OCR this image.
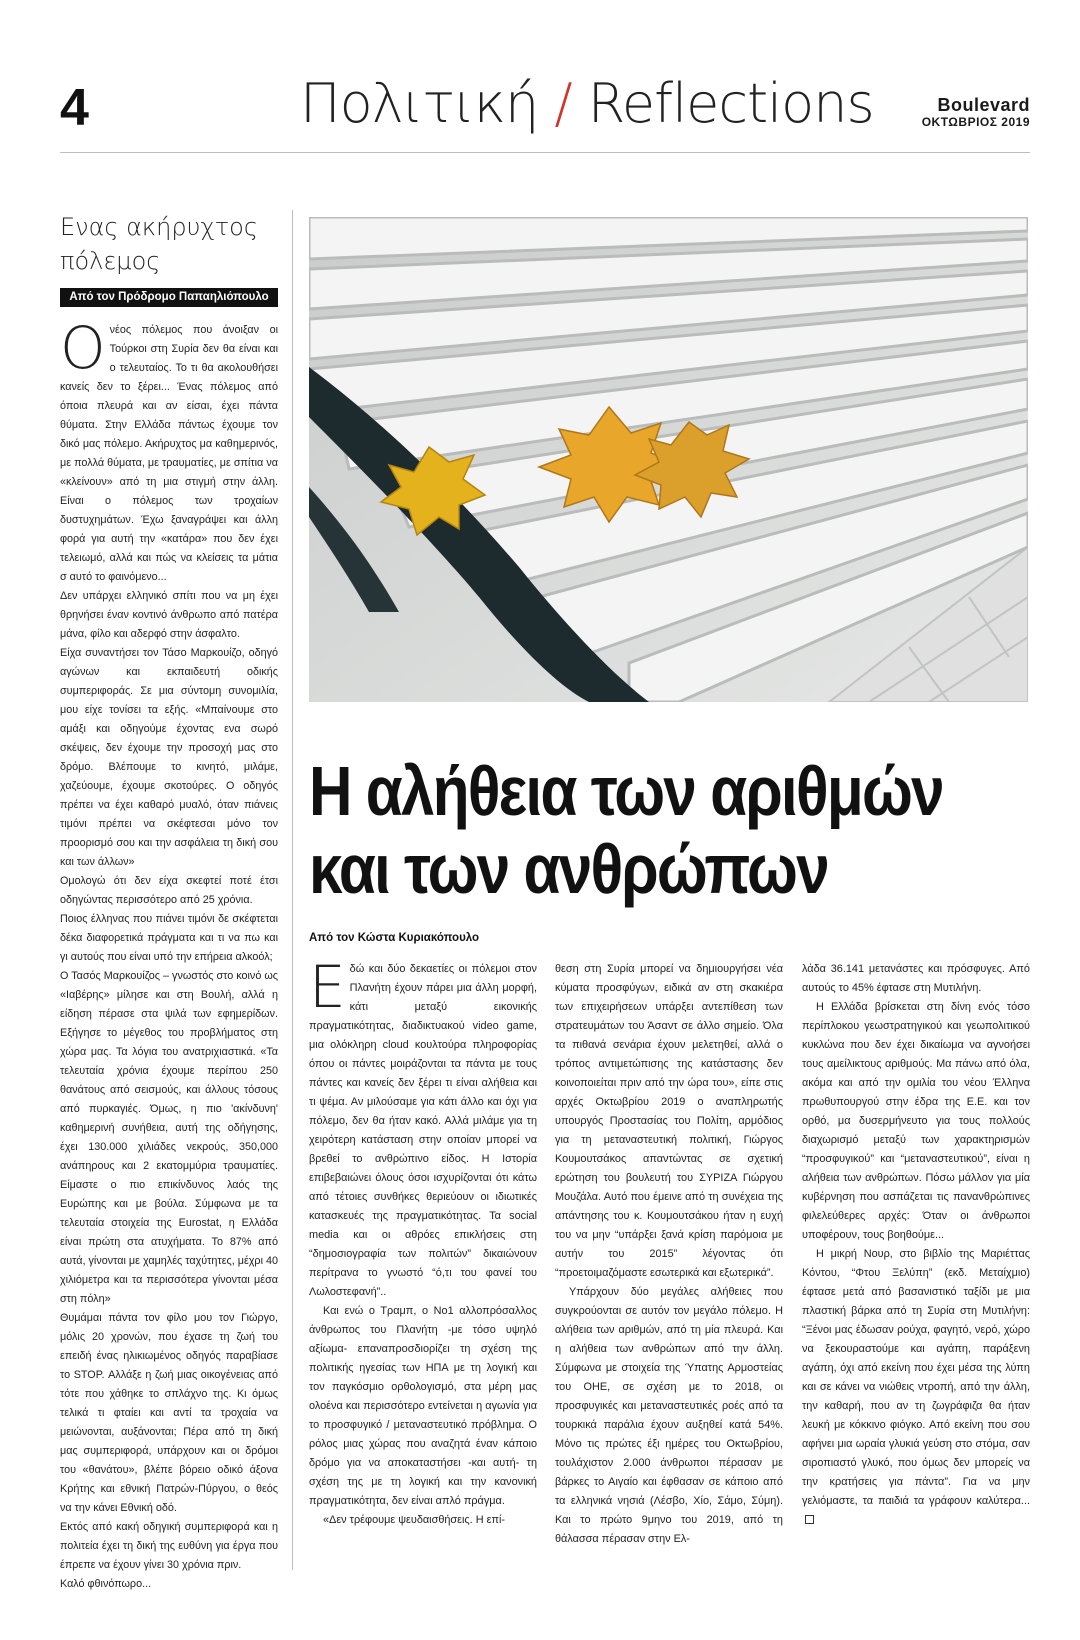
4	Πολιτική / Reflections	Boulevard
ΟΚΤΩΒΡΙΟΣ 2019
Ενας ακήρυχτος
πόλεμος
Από τον Πρόδρομο Παπαηλιόπουλο

Ονέος πόλεμος που άνοιξαν οι Τούρκοι στη Συρία δεν θα είναι και ο τελευταίος. Το τι θα ακολουθήσει κανείς δεν το ξέρει... Ένας πόλεμος από όποια πλευρά και αν είσαι, έχει πάντα θύματα. Στην Ελλάδα πάντως έχουμε τον δικό μας πόλεμο. Ακήρυχτος μα καθημερινός, με πολλά θύματα, με τραυματίες, με σπίτια να «κλείνουν» από τη μια στιγμή στην άλλη. Είναι ο πόλεμος των τροχαίων δυστυχημάτων. Έχω ξαναγράψει και άλλη φορά για αυτή την «κατάρα» που δεν έχει τελειωμό, αλλά και πώς να κλείσεις τα μάτια σ αυτό το φαινόμενο...

Δεν υπάρχει ελληνικό σπίτι που να μη έχει θρηνήσει έναν κοντινό άνθρωπο από πατέρα μάνα, φίλο και αδερφό στην άσφαλτο.

Είχα συναντήσει τον Τάσο Μαρκουίζο, οδηγό αγώνων και εκπαιδευτή οδικής συμπεριφοράς. Σε μια σύντομη συνομιλία, μου είχε τονίσει τα εξής. «Μπαίνουμε στο αμάξι και οδηγούμε έχοντας ενα σωρό σκέψεις, δεν έχουμε την προσοχή μας στο δρόμο. Βλέπουμε το κινητό, μιλάμε, χαζεύουμε, έχουμε σκοτούρες. Ο οδηγός πρέπει να έχει καθαρό μυαλό, όταν πιάνεις τιμόνι πρέπει να σκέφτεσαι μόνο τον προορισμό σου και την ασφάλεια τη δική σου και των άλλων»

Ομολογώ ότι δεν είχα σκεφτεί ποτέ έτσι οδηγώντας περισσότερο από 25 χρόνια.

Ποιος έλληνας που πιάνει τιμόνι δε σκέφτεται δέκα διαφορετικά πράγματα και τι να πω και γι αυτούς που είναι υπό την επήρεια αλκοόλ;

Ο Τασός Μαρκουίζος – γνωστός στο κοινό ως «Ιαβέρης» μίλησε και στη Βουλή, αλλά η είδηση πέρασε στα ψιλά των εφημερίδων. Εξήγησε το μέγεθος του προβλήματος στη χώρα μας. Τα λόγια του ανατριχιαστικά. «Τα τελευταία χρόνια έχουμε περίπου 250 θανάτους από σεισμούς, και άλλους τόσους από πυρκαγιές. Όμως, η πιο 'ακίνδυνη' καθημερινή συνήθεια, αυτή της οδήγησης, έχει 130.000 χιλιάδες νεκρούς, 350,000 ανάπηρους και 2 εκατομμύρια τραυματίες. Είμαστε ο πιο επικίνδυνος λαός της Ευρώπης και με βούλα. Σύμφωνα με τα τελευταία στοιχεία της Eurostat, η Ελλάδα είναι πρώτη στα ατυχήματα. Το 87% από αυτά, γίνονται με χαμηλές ταχύτητες, μέχρι 40 χιλιόμετρα και τα περισσότερα γίνονται μέσα στη πόλη»

Θυμάμαι πάντα τον φίλο μου τον Γιώργο, μόλις 20 χρονών, που έχασε τη ζωή του επειδή ένας ηλικιωμένος οδηγός παραβίασε το STOP. Αλλάξε η ζωή μιας οικογένειας από τότε που χάθηκε το σπλάχνο της. Κι όμως τελικά τι φταίει και αντί τα τροχαία να μειώνονται, αυξάνονται; Πέρα από τη δική μας συμπεριφορά, υπάρχουν και οι δρόμοι του «θανάτου», βλέπε βόρειο οδικό άξονα Κρήτης και εθνική Πατρών-Πύργου, ο θεός να την κάνει Εθνική οδό.

Εκτός από κακή οδηγική συμπεριφορά και η πολιτεία έχει τη δική της ευθύνη για έργα που έπρεπε να έχουν γίνει 30 χρόνια πριν.

Καλό φθινόπωρο...

Η αλήθεια των αριθμών
και των ανθρώπων
Από τον Κώστα Κυριακόπουλο

Εδώ και δύο δεκαετίες οι πόλεμοι στον Πλανήτη έχουν πάρει μια άλλη μορφή, κάτι μεταξύ εικονικής πραγματικότητας, διαδικτυακού video game, μια ολόκληρη cloud κουλτούρα πληροφορίας όπου οι πάντες μοιράζονται τα πάντα με τους πάντες και κανείς δεν ξέρει τι είναι αλήθεια και τι ψέμα. Αν μιλούσαμε για κάτι άλλο και όχι για πόλεμο, δεν θα ήταν κακό. Αλλά μιλάμε για τη χειρότερη κατάσταση στην οποίαν μπορεί να βρεθεί το ανθρώπινο είδος. Η Ιστορία επιβεβαιώνει όλους όσοι ισχυρίζονται ότι κάτω από τέτοιες συνθήκες θεριεύουν οι ιδιωτικές κατασκευές της πραγματικότητας. Τα social media και οι αθρόες επικλήσεις στη “δημοσιογραφία των πολιτών” δικαιώνουν περίτρανα το γνωστό “ό,τι του φανεί του Λωλοστεφανή”..

Και ενώ ο Τραμπ, ο Νο1 αλλοπρόσαλλος άνθρωπος του Πλανήτη -με τόσο υψηλό αξίωμα- επαναπροσδιορίζει τη σχέση της πολιτικής ηγεσίας των ΗΠΑ με τη λογική και τον παγκόσμιο ορθολογισμό, στα μέρη μας ολοένα και περισσότερο εντείνεται η αγωνία για το προσφυγικό / μεταναστευτικό πρόβλημα. Ο ρόλος μιας χώρας που αναζητά έναν κάποιο δρόμο για να αποκαταστήσει -και αυτή- τη σχέση της με τη λογική και την κανονική πραγματικότητα, δεν είναι απλό πράγμα.

«Δεν τρέφουμε ψευδαισθήσεις. Η επί-

θεση στη Συρία μπορεί να δημιουργήσει νέα κύματα προσφύγων, ειδικά αν στη σκακιέρα των επιχειρήσεων υπάρξει αντεπίθεση των στρατευμάτων του Άσαντ σε άλλο σημείο. Όλα τα πιθανά σενάρια έχουν μελετηθεί, αλλά ο τρόπος αντιμετώπισης της κατάστασης δεν κοινοποιείται πριν από την ώρα του», είπε στις αρχές Οκτωβρίου 2019 ο αναπληρωτής υπουργός Προστασίας του Πολίτη, αρμόδιος για τη μεταναστευτική πολιτική, Γιώργος Κουμουτσάκος απαντώντας σε σχετική ερώτηση του βουλευτή του ΣΥΡΙΖΑ Γιώργου Μουζάλα. Αυτό που έμεινε από τη συνέχεια της απάντησης του κ. Κουμουτσάκου ήταν η ευχή του να μην “υπάρξει ξανά κρίση παρόμοια με αυτήν του 2015” λέγοντας ότι “προετοιμαζόμαστε εσωτερικά και εξωτερικά”.

Υπάρχουν δύο μεγάλες αλήθειες που συγκρούονται σε αυτόν τον μεγάλο πόλεμο. Η αλήθεια των αριθμών, από τη μία πλευρά. Και η αλήθεια των ανθρώπων από την άλλη. Σύμφωνα με στοιχεία της Ύπατης Αρμοστείας του ΟΗΕ, σε σχέση με το 2018, οι προσφυγικές και μεταναστευτικές ροές από τα τουρκικά παράλια έχουν αυξηθεί κατά 54%. Μόνο τις πρώτες έξι ημέρες του Οκτωβρίου, τουλάχιστον 2.000 άνθρωποι πέρασαν με βάρκες το Αιγαίο και έφθασαν σε κάποιο από τα ελληνικά νησιά (Λέσβο, Χίο, Σάμο, Σύμη). Και το πρώτο 9μηνο του 2019, από τη θάλασσα πέρασαν στην Ελ-

λάδα 36.141 μετανάστες και πρόσφυγες. Από αυτούς το 45% έφτασε στη Μυτιλήνη.

Η Ελλάδα βρίσκεται στη δίνη ενός τόσο περίπλοκου γεωστρατηγικού και γεωπολιτικού κυκλώνα που δεν έχει δικαίωμα να αγνοήσει τους αμείλικτους αριθμούς. Μα πάνω από όλα, ακόμα και από την ομιλία του νέου Έλληνα πρωθυπουργού στην έδρα της Ε.Ε. και τον ορθό, μα δυσερμήνευτο για τους πολλούς διαχωρισμό μεταξύ των χαρακτηρισμών “προσφυγικού” και “μεταναστευτικού”, είναι η αλήθεια των ανθρώπων. Πόσω μάλλον για μία κυβέρνηση που ασπάζεται τις πανανθρώπινες φιλελεύθερες αρχές: Όταν οι άνθρωποι υποφέρουν, τους βοηθούμε...

Η μικρή Νουρ, στο βιβλίο της Μαριέττας Κόντου, “Φτου Ξελύπη” (εκδ. Μεταίχμιο) έφτασε μετά από βασανιστικό ταξίδι με μια πλαστική βάρκα από τη Συρία στη Μυτιλήνη: “Ξένοι μας έδωσαν ρούχα, φαγητό, νερό, χώρο να ξεκουραστούμε και αγάπη, παράξενη αγάπη, όχι από εκείνη που έχει μέσα της λύπη και σε κάνει να νιώθεις ντροπή, από την άλλη, την καθαρή, που αν τη ζωγράφιζα θα ήταν λευκή με κόκκινο φιόγκο. Από εκείνη που σου αφήνει μια ωραία γλυκιά γεύση στο στόμα, σαν σιροπιαστό γλυκό, που όμως δεν μπορείς να την κρατήσεις για πάντα”. Για να μην γελιόμαστε, τα παιδιά τα γράφουν καλύτερα...
